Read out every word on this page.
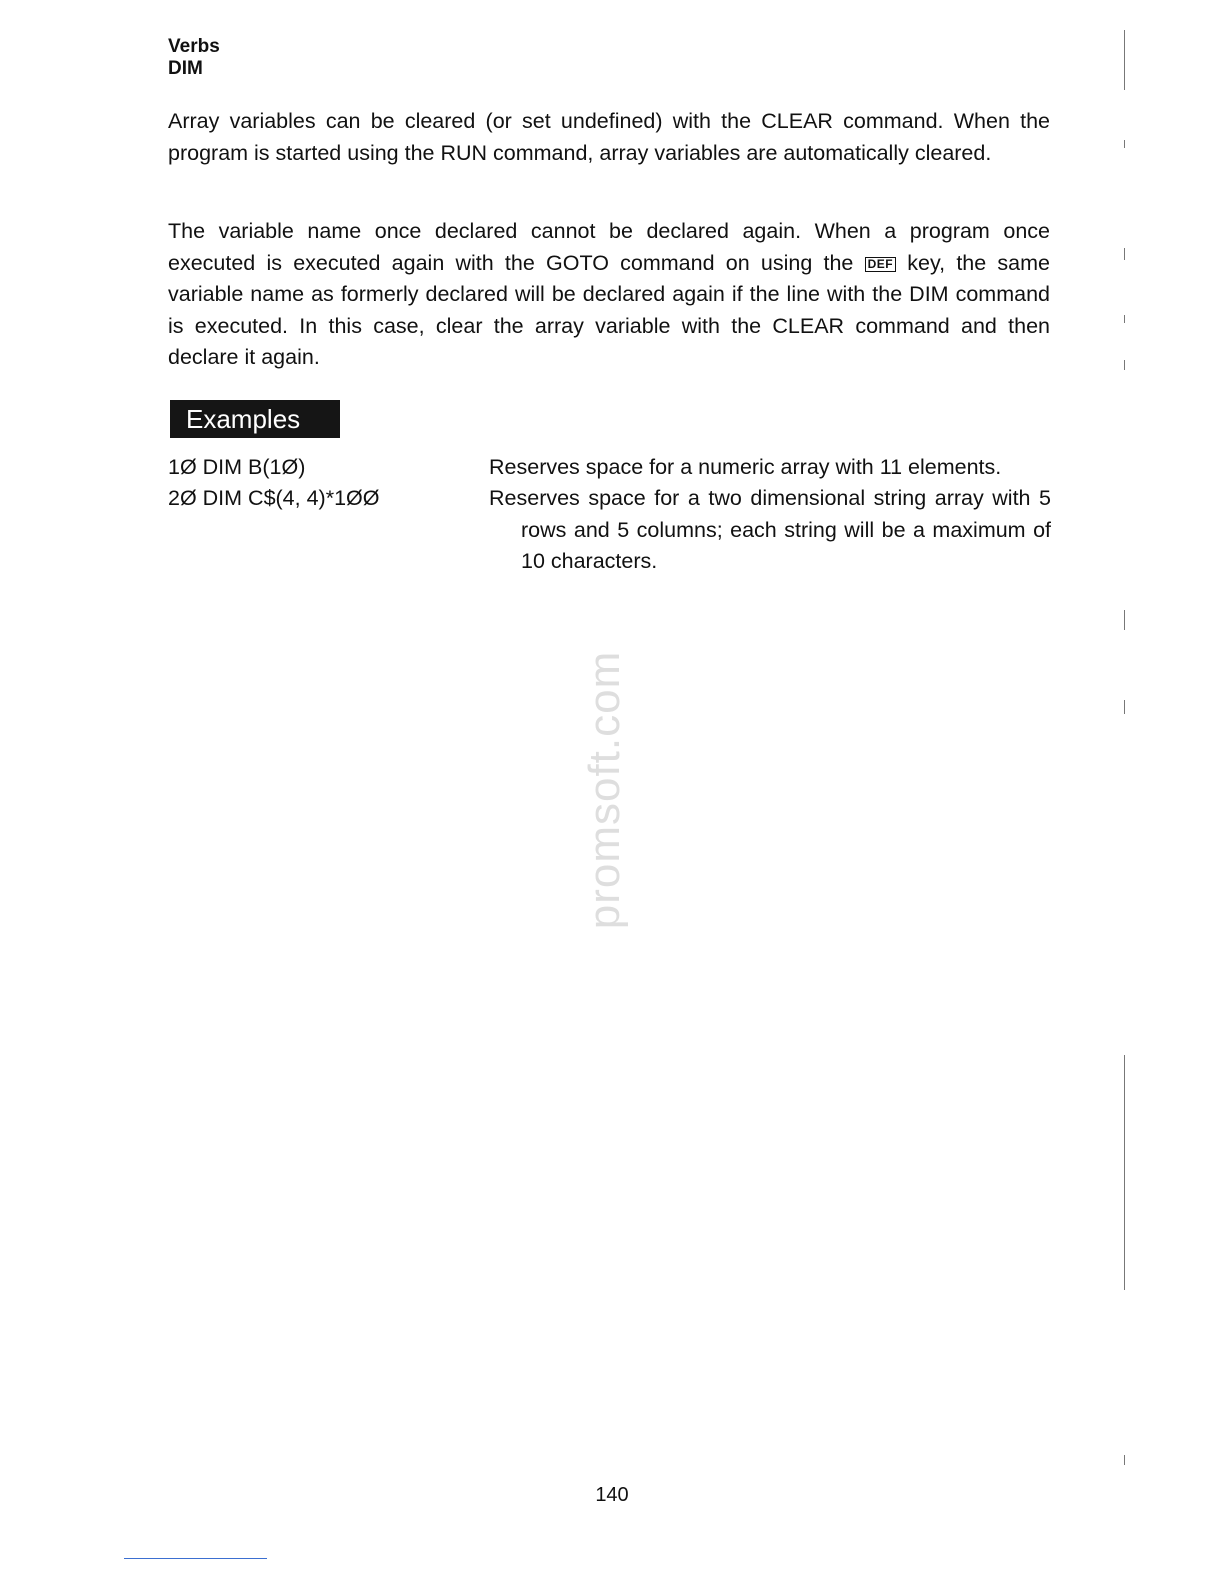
Verbs
DIM
Array variables can be cleared (or set undefined) with the CLEAR command. When the program is started using the RUN command, array variables are automatically cleared.
The variable name once declared cannot be declared again. When a program once executed is executed again with the GOTO command on using the DEF key, the same variable name as formerly declared will be declared again if the line with the DIM command is executed. In this case, clear the array variable with the CLEAR command and then declare it again.
Examples
1Ø DIM B(1Ø)	Reserves space for a numeric array with 11 elements.
2Ø DIM C$(4, 4)*1ØØ	Reserves space for a two dimensional string array with 5 rows and 5 columns; each string will be a maximum of 10 characters.
promsoft.com
140
